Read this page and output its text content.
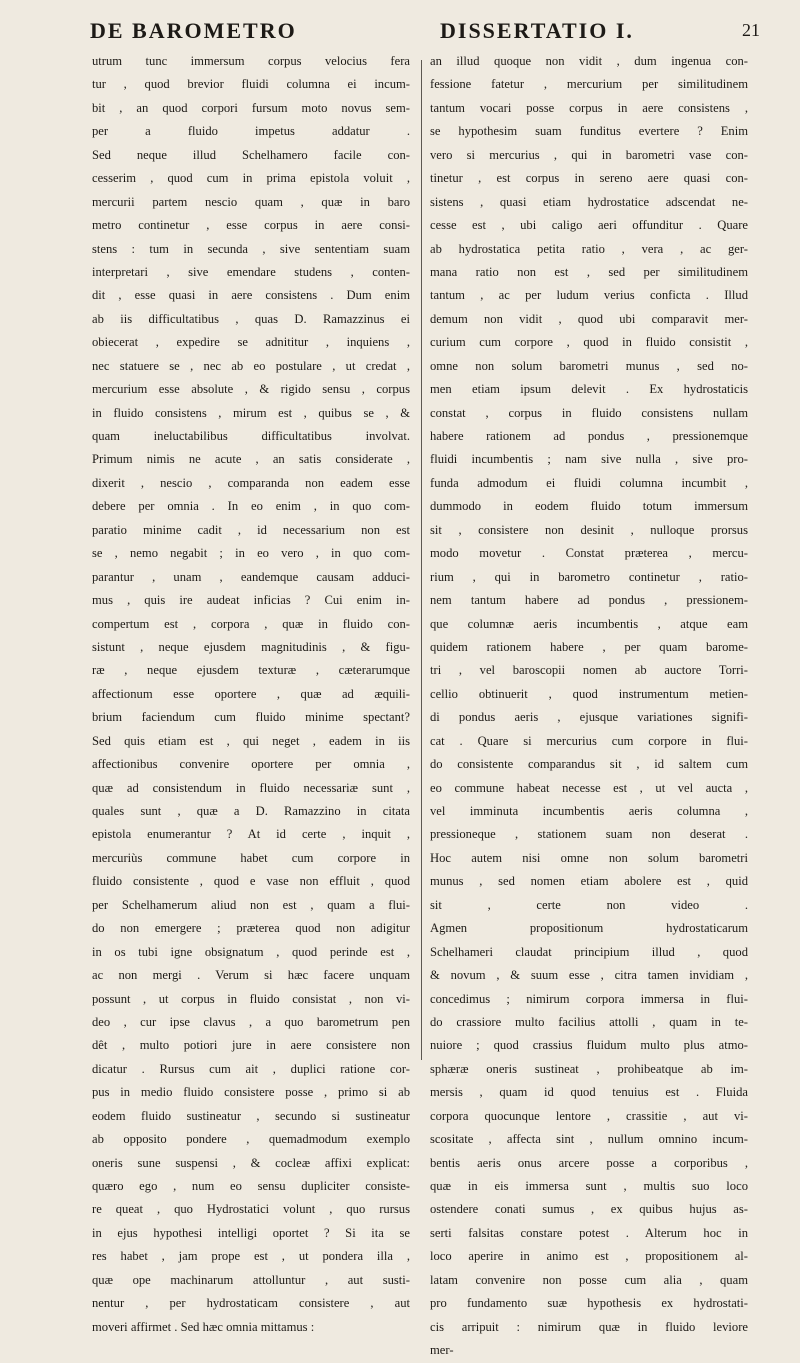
DE BAROMETRO	DISSERTATIO I.	21
utrum tunc immersum corpus velocius fera
tur , quod brevior fluidi columna ei incum-
bit , an quod corpori fursum moto novus sem-
per a fluido impetus addatur .
Sed neque illud Schelhamero facile con-
cesserim , quod cum in prima epistola voluit ,
mercurii partem nescio quam , quæ in baro
metro continetur , esse corpus in aere consi-
stens : tum in secunda , sive sententiam suam
interpretari , sive emendare studens , conten-
dit , esse quasi in aere consistens . Dum enim
ab iis difficultatibus , quas D. Ramazzinus ei
obiecerat , expedire se adnititur , inquiens ,
nec statuere se , nec ab eo postulare , ut credat ,
mercurium esse absolute , & rigido sensu , corpus
in fluido consistens , mirum est , quibus se , &
quam ineluctabilibus difficultatibus involvat.
Primum nimis ne acute , an satis considerate ,
dixerit , nescio , comparanda non eadem esse
debere per omnia . In eo enim , in quo com-
paratio minime cadit , id necessarium non est
se , nemo negabit ; in eo vero , in quo com-
parantur , unam , eandemque causam adduci-
mus , quis ire audeat inficias ? Cui enim in-
compertum est , corpora , quæ in fluido con-
sistunt , neque ejusdem magnitudinis , & figu-
ræ , neque ejusdem texturæ , cæterarumque
affectionum esse oportere , quæ ad æquili-
brium faciendum cum fluido minime spectant?
Sed quis etiam est , qui neget , eadem in iis
affectionibus convenire oportere per omnia ,
quæ ad consistendum in fluido necessariæ sunt ,
quales sunt , quæ a D. Ramazzino in citata
epistola enumerantur ? At id certe , inquit ,
mercuriùs commune habet cum corpore in
fluido consistente , quod e vase non effluit , quod
per Schelhamerum aliud non est , quam a flui-
do non emergere ; præterea quod non adigitur
in os tubi igne obsignatum , quod perinde est ,
ac non mergi . Verum si hæc facere unquam
possunt , ut corpus in fluido consistat , non vi-
deo , cur ipse clavus , a quo barometrum pen
dêt , multo potiori jure in aere consistere non
dicatur . Rursus cum ait , duplici ratione cor-
pus in medio fluido consistere posse , primo si ab
eodem fluido sustineatur , secundo si sustineatur
ab opposito pondere , quemadmodum exemplo
oneris sune suspensi , & cocleæ affixi explicat:
quæro ego , num eo sensu dupliciter consiste-
re queat , quo Hydrostatici volunt , quo rursus
in ejus hypothesi intelligi oportet ? Si ita se
res habet , jam prope est , ut pondera illa ,
quæ ope machinarum attolluntur , aut susti-
nentur , per hydrostaticam consistere , aut
moveri affirmet . Sed hæc omnia mittamus :
an illud quoque non vidit , dum ingenua con-
fessione fatetur , mercurium per similitudinem
tantum vocari posse corpus in aere consistens ,
se hypothesim suam funditus evertere ? Enim
vero si mercurius , qui in barometri vase con-
tinetur , est corpus in sereno aere quasi con-
sistens , quasi etiam hydrostatice adscendat ne-
cesse est , ubi caligo aeri offunditur . Quare
ab hydrostatica petita ratio , vera , ac ger-
mana ratio non est , sed per similitudinem
tantum , ac per ludum verius conficta . Illud
demum non vidit , quod ubi comparavit mer-
curium cum corpore , quod in fluido consistit ,
omne non solum barometri munus , sed no-
men etiam ipsum delevit . Ex hydrostaticis
constat , corpus in fluido consistens nullam
habere rationem ad pondus , pressionemque
fluidi incumbentis ; nam sive nulla , sive pro-
funda admodum ei fluidi columna incumbit ,
dummodo in eodem fluido totum immersum
sit , consistere non desinit , nulloque prorsus
modo movetur . Constat præterea , mercu-
rium , qui in barometro continetur , ratio-
nem tantum habere ad pondus , pressionem-
que columnæ aeris incumbentis , atque eam
quidem rationem habere , per quam barome-
tri , vel baroscopii nomen ab auctore Torri-
cellio obtinuerit , quod instrumentum metien-
di pondus aeris , ejusque variationes signifi-
cat . Quare si mercurius cum corpore in flui-
do consistente comparandus sit , id saltem cum
eo commune habeat necesse est , ut vel aucta ,
vel imminuta incumbentis aeris columna ,
pressioneque , stationem suam non deserat .
Hoc autem nisi omne non solum barometri
munus , sed nomen etiam abolere est , quid
sit , certe non video .
Agmen propositionum hydrostaticarum
Schelhameri claudat principium illud , quod
& novum , & suum esse , citra tamen invidiam ,
concedimus ; nimirum corpora immersa in flui-
do crassiore multo facilius attolli , quam in te-
nuiore ; quod crassius fluidum multo plus atmo-
sphæræ oneris sustineat , prohibeatque ab im-
mersis , quam id quod tenuius est . Fluida
corpora quocunque lentore , crassitie , aut vi-
scositate , affecta sint , nullum omnino incum-
bentis aeris onus arcere posse a corporibus ,
quæ in eis immersa sunt , multis suo loco
ostendere conati sumus , ex quibus hujus as-
serti falsitas constare potest . Alterum hoc in
loco aperire in animo est , propositionem al-
latam convenire non posse cum alia , quam
pro fundamento suæ hypothesis ex hydrostati-
cis arripuit : nimirum quæ in fluido leviore
mer-
